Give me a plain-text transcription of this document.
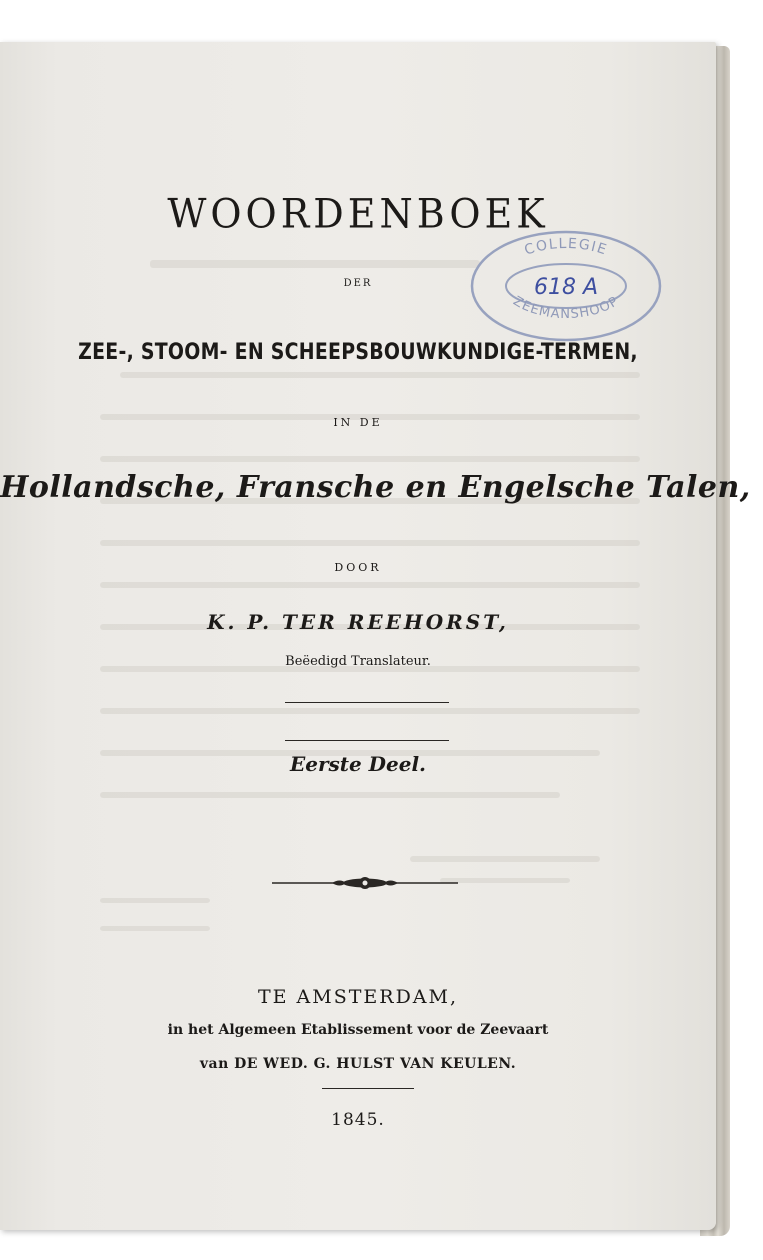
WOORDENBOEK
DER
ZEE-, STOOM- EN SCHEEPSBOUWKUNDIGE-TERMEN,
IN DE
Hollandsche, Fransche en Engelsche Talen,
DOOR
K. P. TER REEHORST,
Beëedigd Translateur.
Eerste Deel.
TE AMSTERDAM,
in het Algemeen Etablissement voor de Zeevaart
van DE WED. G. HULST VAN KEULEN.
1845.
COLLEGIE
ZEEMANSHOOP
618 A
